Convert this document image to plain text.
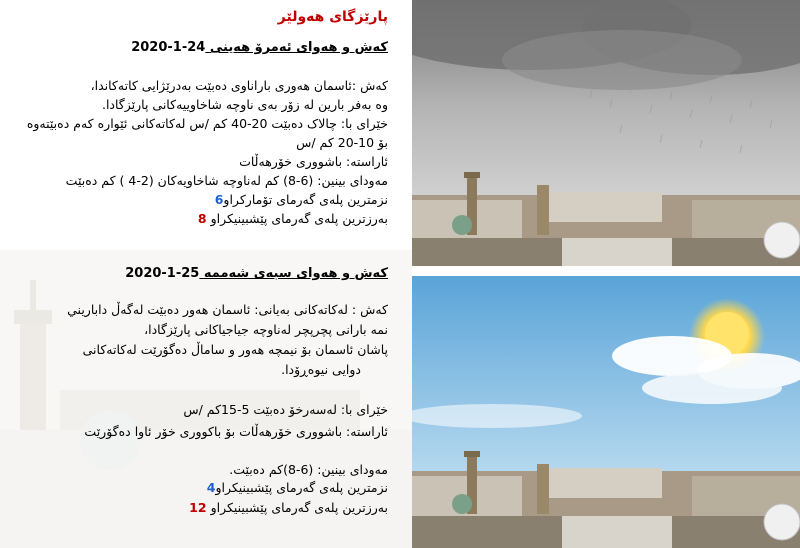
پارێزگای هەولێر
کەش و هەوای ئەمرۆ هەینی 2020-1-24
کەش :ئاسمان هەوری باراناوی دەبێت بەدرێژایی کاتەکاندا،
وە بەفر بارین لە زۆر بەی ناوچە شاخاوییەکانی پارێزگادا.
خێرای با: چالاک دەبێت 20-40 کم /س لەکاتەکانی ئێوارە کەم دەبێتەوە
بۆ 10-20 کم /س
ئاراستە: باشووری خۆرهەڵات
مەودای بینین: (6-8) کم لەناوچە شاخاویەکان (2-4 ) کم دەبێت
نزمترین پلەی گەرمای تۆمارکراو6
بەرزترین پلەی گەرمای پێشبینیکراو 8
کەش و هەوای سبەی شەممە 2020-1-25
کەش : لەکاتەکانی بەیانی: ئاسمان هەور دەبێت لەگەڵ داباریني
نمە بارانی پچرپچر لەناوچە جیاجیاکانی پارێزگادا،
پاشان ئاسمان بۆ نیمچە هەور و ساماڵ دەگۆرێت لەکاتەکانی
دوایی نیوەڕۆدا.
خێرای با: لەسەرخۆ دەبێت 5-15کم /س
ئاراستە: باشووری خۆرهەڵات بۆ باکووری خۆر ئاوا دەگۆرێت
مەودای بینین: (6-8)کم دەبێت.
نزمترین پلەی گەرمای پێشبینیکراو4
بەرزترین پلەی گەرمای پێشبینیکراو 12
